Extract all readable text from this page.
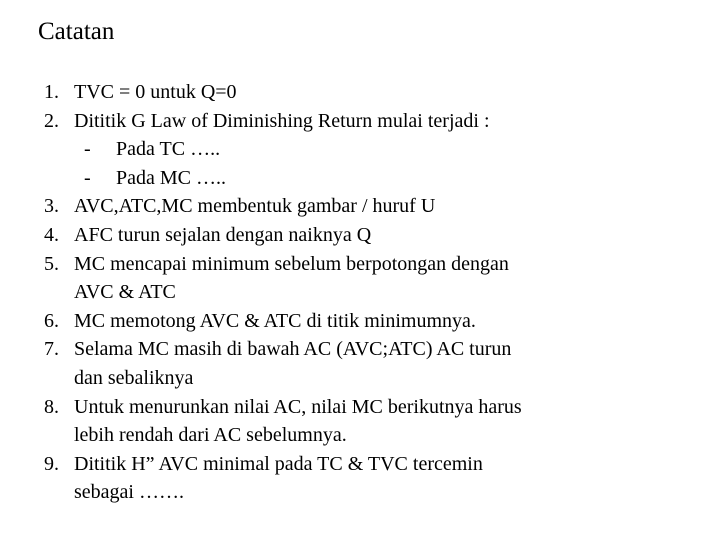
Catatan
1. TVC = 0 untuk Q=0
2. Dititik G Law of Diminishing Return mulai terjadi :
- Pada TC …..
- Pada MC …..
3. AVC,ATC,MC membentuk gambar / huruf U
4. AFC turun sejalan dengan naiknya Q
5. MC mencapai minimum sebelum berpotongan dengan
AVC & ATC
6. MC memotong AVC & ATC di titik minimumnya.
7. Selama MC masih di bawah AC (AVC;ATC) AC turun
dan sebaliknya
8. Untuk menurunkan nilai AC, nilai MC berikutnya harus
lebih rendah dari AC sebelumnya.
9. Dititik H” AVC minimal pada TC & TVC tercemin
sebagai …….
